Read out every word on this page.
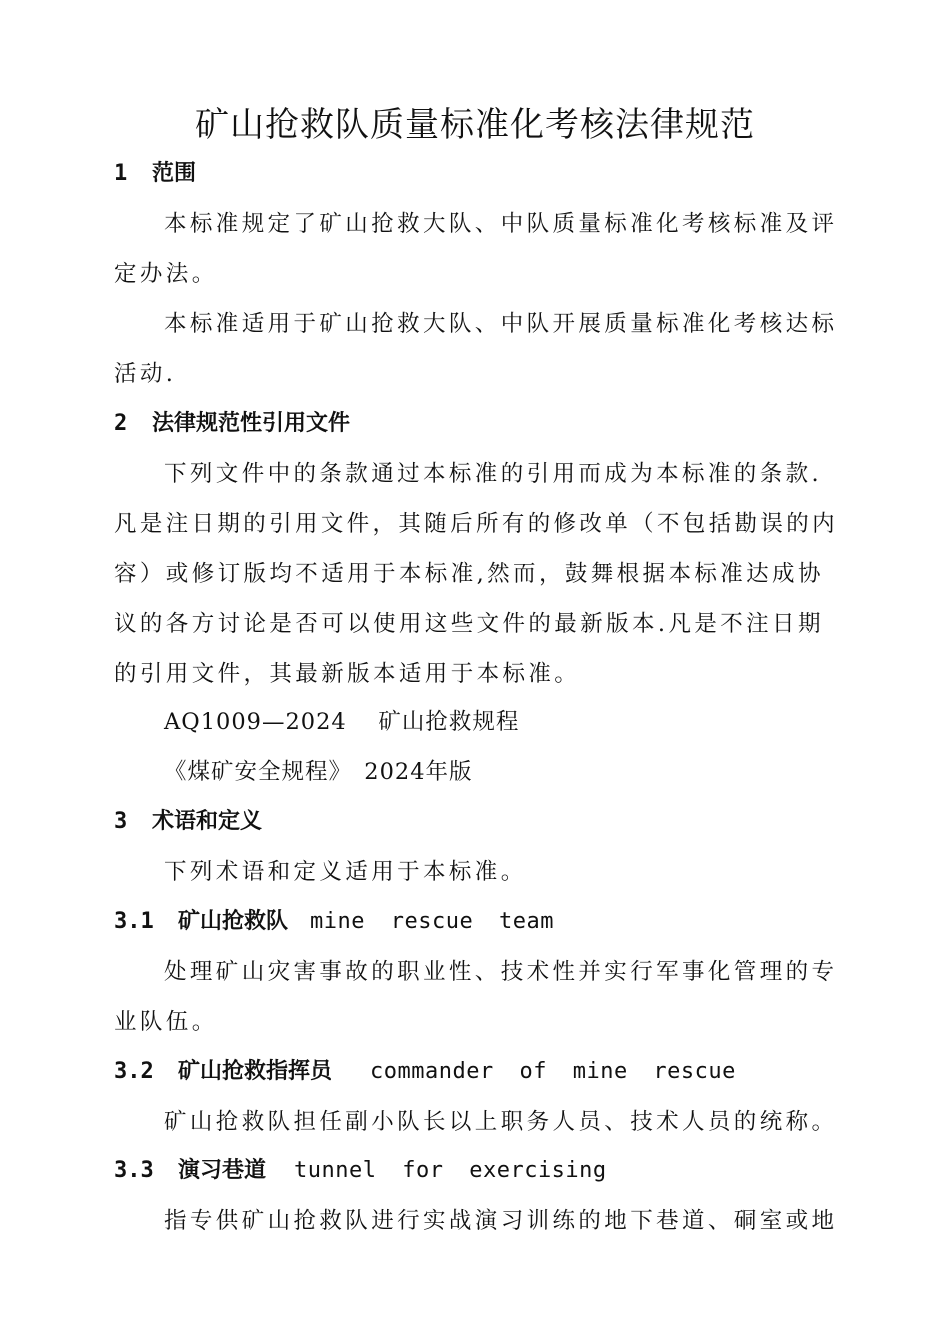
矿山抢救队质量标准化考核法律规范
1 范围

本标准规定了矿山抢救大队、中队质量标准化考核标准及评

定办法。

本标准适用于矿山抢救大队、中队开展质量标准化考核达标

活动.

2 法律规范性引用文件

下列文件中的条款通过本标准的引用而成为本标准的条款.

凡是注日期的引用文件，其随后所有的修改单（不包括勘误的内

容）或修订版均不适用于本标准,然而，鼓舞根据本标准达成协

议的各方讨论是否可以使用这些文件的最新版本.凡是不注日期

的引用文件，其最新版本适用于本标准。

AQ1009—2024　 矿山抢救规程

《煤矿安全规程》　2024年版

3 术语和定义

下列术语和定义适用于本标准。

3.1 矿山抢救队 mine rescue team

处理矿山灾害事故的职业性、技术性并实行军事化管理的专

业队伍。

3.2 矿山抢救指挥员 commander of mine rescue

矿山抢救队担任副小队长以上职务人员、技术人员的统称。

3.3 演习巷道 tunnel for exercising

指专供矿山抢救队进行实战演习训练的地下巷道、硐室或地
